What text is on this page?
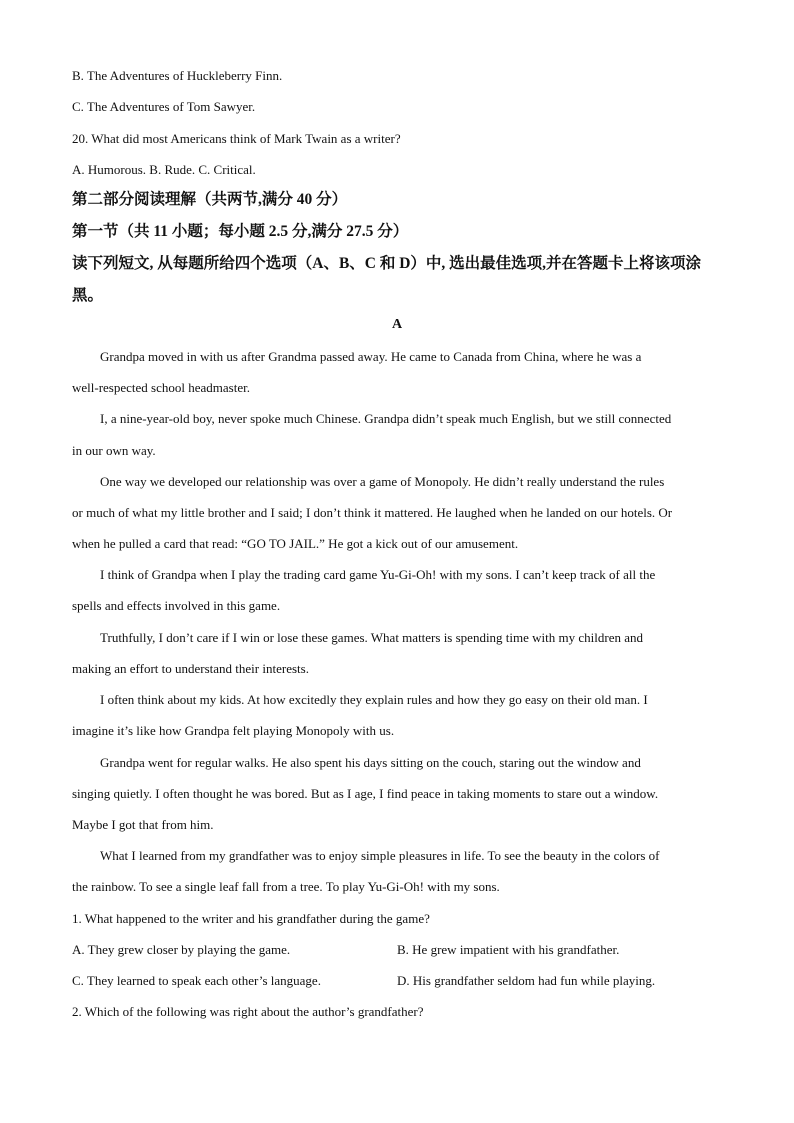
B. The Adventures of Huckleberry Finn.
C. The Adventures of Tom Sawyer.
20. What did most Americans think of Mark Twain as a writer?
A. Humorous. B. Rude. C. Critical.
第二部分阅读理解（共两节,满分 40 分）
第一节（共 11 小题；每小题 2.5 分,满分 27.5 分）
读下列短文, 从每题所给四个选项（A、B、C 和 D）中, 选出最佳选项,并在答题卡上将该项涂
黑。
A
Grandpa moved in with us after Grandma passed away. He came to Canada from China, where he was a
well-respected school headmaster.
I, a nine-year-old boy, never spoke much Chinese. Grandpa didn’t speak much English, but we still connected
in our own way.
One way we developed our relationship was over a game of Monopoly. He didn’t really understand the rules
or much of what my little brother and I said; I don’t think it mattered. He laughed when he landed on our hotels. Or
when he pulled a card that read: “GO TO JAIL.” He got a kick out of our amusement.
I think of Grandpa when I play the trading card game Yu-Gi-Oh! with my sons. I can’t keep track of all the
spells and effects involved in this game.
Truthfully, I don’t care if I win or lose these games. What matters is spending time with my children and
making an effort to understand their interests.
I often think about my kids. At how excitedly they explain rules and how they go easy on their old man. I
imagine it’s like how Grandpa felt playing Monopoly with us.
Grandpa went for regular walks. He also spent his days sitting on the couch, staring out the window and
singing quietly. I often thought he was bored. But as I age, I find peace in taking moments to stare out a window.
Maybe I got that from him.
What I learned from my grandfather was to enjoy simple pleasures in life. To see the beauty in the colors of
the rainbow. To see a single leaf fall from a tree. To play Yu-Gi-Oh! with my sons.
1. What happened to the writer and his grandfather during the game?
A. They grew closer by playing the game.	B. He grew impatient with his grandfather.
C. They learned to speak each other’s language.	D. His grandfather seldom had fun while playing.
2. Which of the following was right about the author’s grandfather?
